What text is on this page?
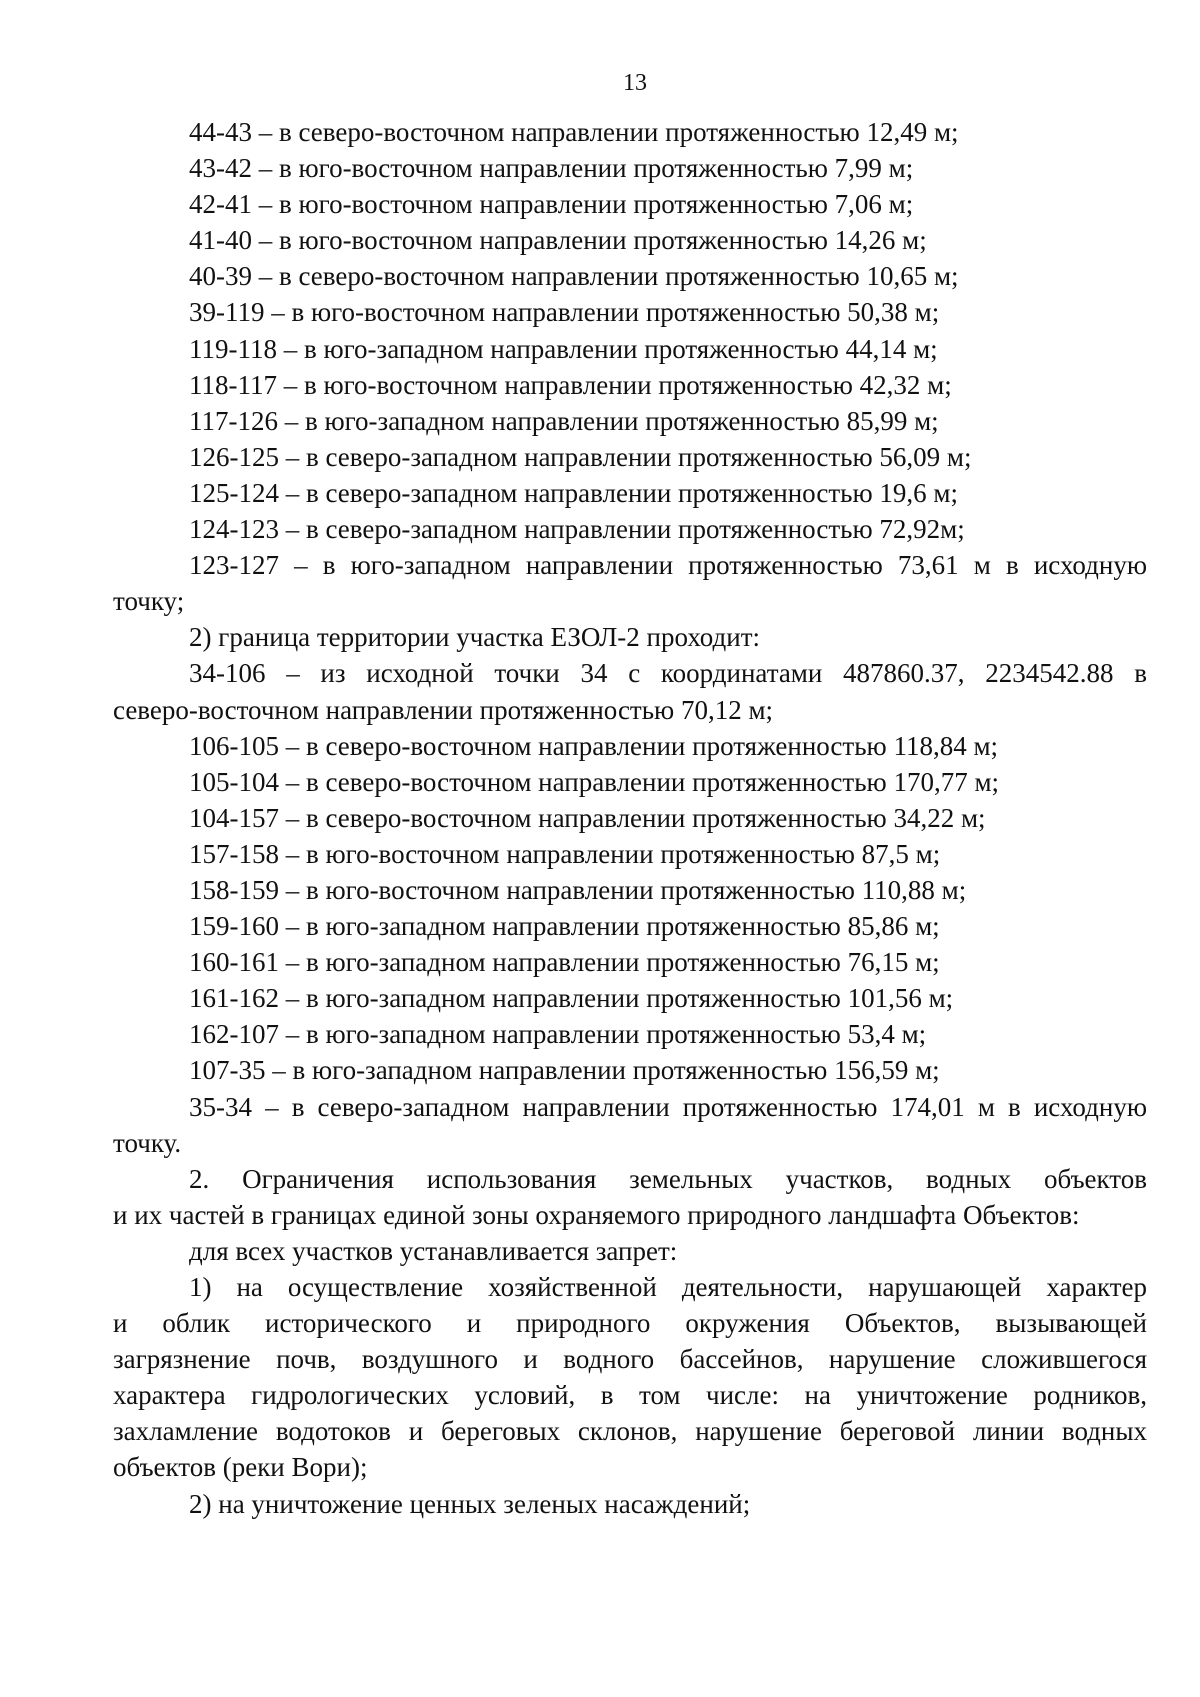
13
44-43 – в северо-восточном направлении протяженностью 12,49 м;
43-42 – в юго-восточном направлении протяженностью 7,99 м;
42-41 – в юго-восточном направлении протяженностью 7,06 м;
41-40 – в юго-восточном направлении протяженностью 14,26 м;
40-39 – в северо-восточном направлении протяженностью 10,65 м;
39-119 – в юго-восточном направлении протяженностью 50,38 м;
119-118 – в юго-западном направлении протяженностью 44,14 м;
118-117 – в юго-восточном направлении протяженностью 42,32 м;
117-126 – в юго-западном направлении протяженностью 85,99 м;
126-125 – в северо-западном направлении протяженностью 56,09 м;
125-124 – в северо-западном направлении протяженностью 19,6 м;
124-123 – в северо-западном направлении протяженностью 72,92м;
123-127 – в юго-западном направлении протяженностью 73,61 м в исходную
точку;
2) граница территории участка ЕЗОЛ-2 проходит:
34-106 – из исходной точки 34 с координатами 487860.37, 2234542.88 в
северо-восточном направлении протяженностью 70,12 м;
106-105 – в северо-восточном направлении протяженностью 118,84 м;
105-104 – в северо-восточном направлении протяженностью 170,77 м;
104-157 – в северо-восточном направлении протяженностью 34,22 м;
157-158 – в юго-восточном направлении протяженностью 87,5 м;
158-159 – в юго-восточном направлении протяженностью 110,88 м;
159-160 – в юго-западном направлении протяженностью 85,86 м;
160-161 – в юго-западном направлении протяженностью 76,15 м;
161-162 – в юго-западном направлении протяженностью 101,56 м;
162-107 – в юго-западном направлении протяженностью 53,4 м;
107-35 – в юго-западном направлении протяженностью 156,59 м;
35-34 – в северо-западном направлении протяженностью 174,01 м в исходную
точку.
2. Ограничения использования земельных участков, водных объектов
и их частей в границах единой зоны охраняемого природного ландшафта Объектов:
для всех участков устанавливается запрет:
1) на осуществление хозяйственной деятельности, нарушающей характер
и облик исторического и природного окружения Объектов, вызывающей
загрязнение почв, воздушного и водного бассейнов, нарушение сложившегося
характера гидрологических условий, в том числе: на уничтожение родников,
захламление водотоков и береговых склонов, нарушение береговой линии водных
объектов (реки Вори);
2) на уничтожение ценных зеленых насаждений;
